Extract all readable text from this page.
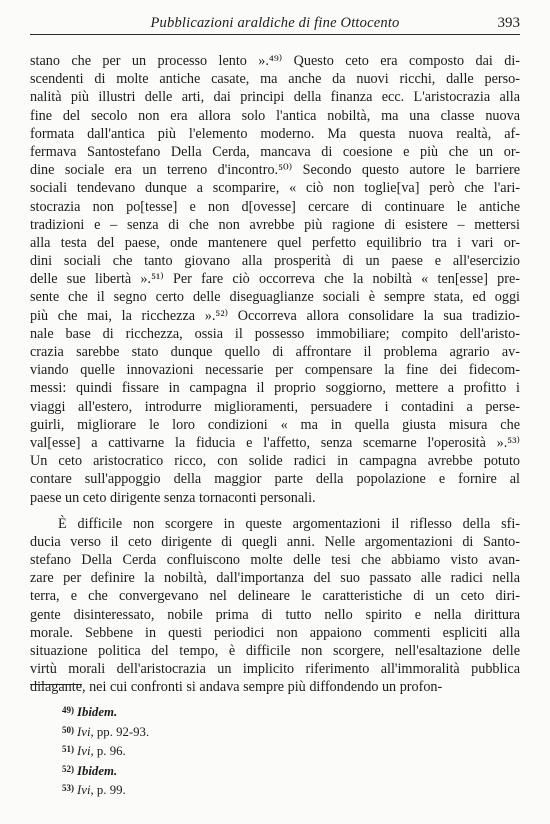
Pubblicazioni araldiche di fine Ottocento	393
stano che per un processo lento ».⁴⁹⁾ Questo ceto era composto dai di-
scendenti di molte antiche casate, ma anche da nuovi ricchi, dalle perso-
nalità più illustri delle arti, dai principi della finanza ecc. L'aristocrazia alla
fine del secolo non era allora solo l'antica nobiltà, ma una classe nuova
formata dall'antica più l'elemento moderno. Ma questa nuova realtà, af-
fermava Santostefano Della Cerda, mancava di coesione e più che un or-
dine sociale era un terreno d'incontro.⁵⁰⁾ Secondo questo autore le barriere
sociali tendevano dunque a scomparire, « ciò non toglie[va] però che l'ari-
stocrazia non po[tesse] e non d[ovesse] cercare di continuare le antiche
tradizioni e – senza di che non avrebbe più ragione di esistere – mettersi
alla testa del paese, onde mantenere quel perfetto equilibrio tra i vari or-
dini sociali che tanto giovano alla prosperità di un paese e all'esercizio
delle sue libertà ».⁵¹⁾ Per fare ciò occorreva che la nobiltà « ten[esse] pre-
sente che il segno certo delle diseguaglianze sociali è sempre stata, ed oggi
più che mai, la ricchezza ».⁵²⁾ Occorreva allora consolidare la sua tradizio-
nale base di ricchezza, ossia il possesso immobiliare; compito dell'aristo-
crazia sarebbe stato dunque quello di affrontare il problema agrario av-
viando quelle innovazioni necessarie per compensare la fine dei fidecom-
messi: quindi fissare in campagna il proprio soggiorno, mettere a profitto i
viaggi all'estero, introdurre miglioramenti, persuadere i contadini a perse-
guirli, migliorare le loro condizioni « ma in quella giusta misura che
val[esse] a cattivarne la fiducia e l'affetto, senza scemarne l'operosità ».⁵³⁾
Un ceto aristocratico ricco, con solide radici in campagna avrebbe potuto
contare sull'appoggio della maggior parte della popolazione e fornire al
paese un ceto dirigente senza tornaconti personali.
È difficile non scorgere in queste argomentazioni il riflesso della sfi-
ducia verso il ceto dirigente di quegli anni. Nelle argomentazioni di Santo-
stefano Della Cerda confluiscono molte delle tesi che abbiamo visto avan-
zare per definire la nobiltà, dall'importanza del suo passato alle radici nella
terra, e che convergevano nel delineare le caratteristiche di un ceto diri-
gente disinteressato, nobile prima di tutto nello spirito e nella dirittura
morale. Sebbene in questi periodici non appaiono commenti espliciti alla
situazione politica del tempo, è difficile non scorgere, nell'esaltazione delle
virtù morali dell'aristocrazia un implicito riferimento all'immoralità pubblica
dilagante, nei cui confronti si andava sempre più diffondendo un profon-
$^{49)}$ Ibidem.
$^{50)}$ Ivi, pp. 92-93.
$^{51)}$ Ivi, p. 96.
$^{52)}$ Ibidem.
$^{53)}$ Ivi, p. 99.
